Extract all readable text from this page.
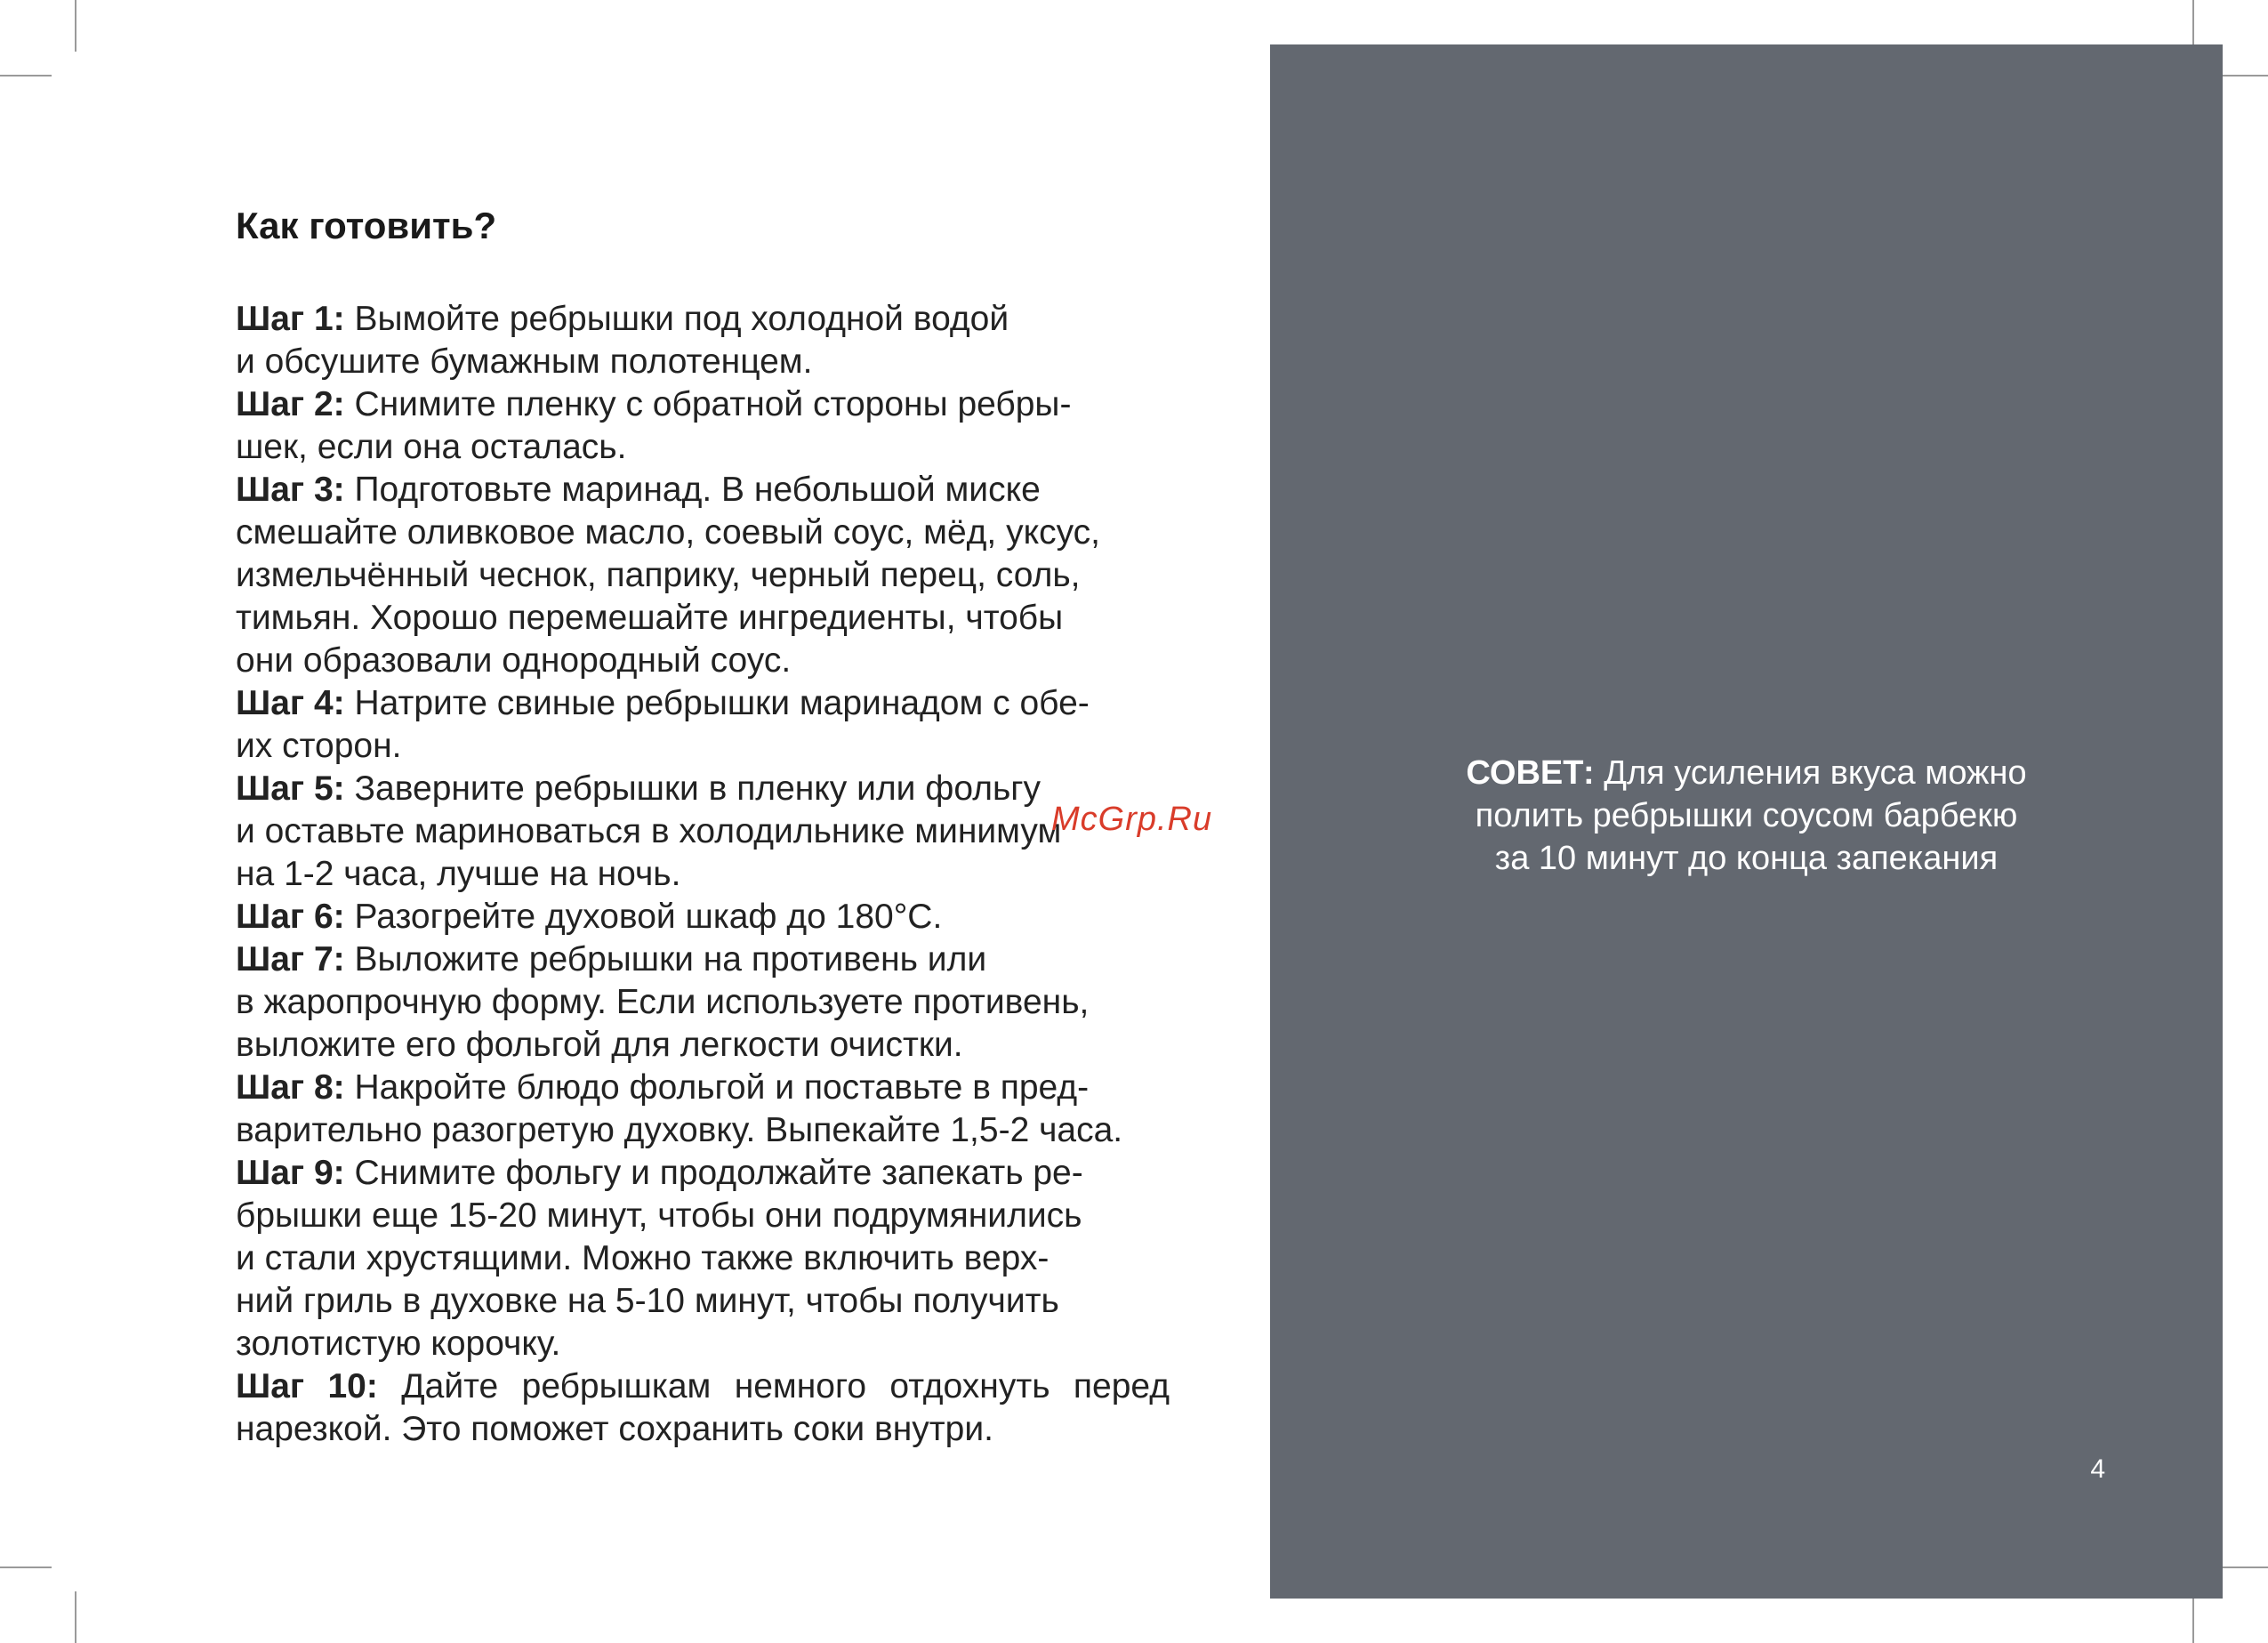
Как готовить?

Шаг 1: Вымойте ребрышки под холодной водой
и обсушите бумажным полотенцем.

Шаг 2: Снимите пленку с обратной стороны ребры-
шек, если она осталась.

Шаг 3: Подготовьте маринад. В небольшой миске
смешайте оливковое масло, соевый соус, мёд, уксус,
измельчённый чеснок, паприку, черный перец, соль,
тимьян. Хорошо перемешайте ингредиенты, чтобы
они образовали однородный соус.

Шаг 4: Натрите свиные ребрышки маринадом с обе-
их сторон.

Шаг 5: Заверните ребрышки в пленку или фольгу
и оставьте мариноваться в холодильнике минимум
на 1-2 часа, лучше на ночь.

Шаг 6: Разогрейте духовой шкаф до 180°С.

Шаг 7: Выложите ребрышки на противень или
в жаропрочную форму. Если используете противень,
выложите его фольгой для легкости очистки.

Шаг 8: Накройте блюдо фольгой и поставьте в пред-
варительно разогретую духовку. Выпекайте 1,5-2 часа.

Шаг 9: Снимите фольгу и продолжайте запекать ре-
брышки еще 15-20 минут, чтобы они подрумянились
и стали хрустящими. Можно также включить верх-
ний гриль в духовке на 5-10 минут, чтобы получить
золотистую корочку.

Шаг 10: Дайте ребрышкам немного отдохнуть перед нарезкой. Это поможет сохранить соки внутри.

McGrp.Ru
СОВЕТ: Для усиления вкуса можно
полить ребрышки соусом барбекю
за 10 минут до конца запекания
4
